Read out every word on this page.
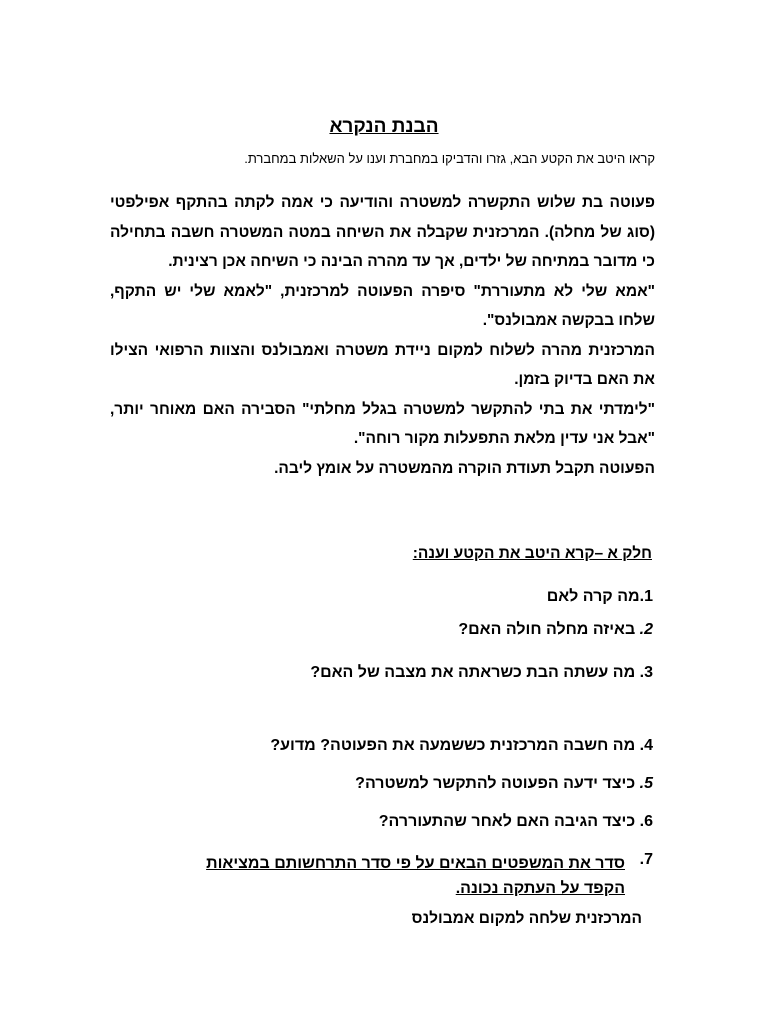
הבנת הנקרא

קראו היטב את הקטע הבא, גזרו והדביקו במחברת וענו על השאלות במחברת.

פעוטה בת שלוש התקשרה למשטרה והודיעה כי אמה לקתה בהתקף אפילפטי (סוג של מחלה). המרכזנית שקבלה את השיחה במטה המשטרה חשבה בתחילה כי מדובר במתיחה של ילדים, אך עד מהרה הבינה כי השיחה אכן רצינית.

"אמא שלי לא מתעוררת" סיפרה הפעוטה למרכזנית, "לאמא שלי יש התקף, שלחו בבקשה אמבולנס".

המרכזנית מהרה לשלוח למקום ניידת משטרה ואמבולנס והצוות הרפואי הצילו את האם בדיוק בזמן.

"לימדתי את בתי להתקשר למשטרה בגלל מחלתי" הסבירה האם מאוחר יותר, "אבל אני עדין מלאת התפעלות מקור רוחה".

הפעוטה תקבל תעודת הוקרה מהמשטרה על אומץ ליבה.

חלק א –קרא היטב את הקטע וענה:

1.מה קרה לאם

2. באיזה מחלה חולה האם?

3. מה עשתה הבת כשראתה את מצבה של האם?

4. מה חשבה המרכזנית כששמעה את הפעוטה? מדוע?

5. כיצד ידעה הפעוטה להתקשר למשטרה?

6. כיצד הגיבה האם לאחר שהתעוררה?

7.סדר את המשפטים הבאים על פי סדר התרחשותם במציאות הקפד על העתקה נכונה.

המרכזנית שלחה למקום אמבולנס
